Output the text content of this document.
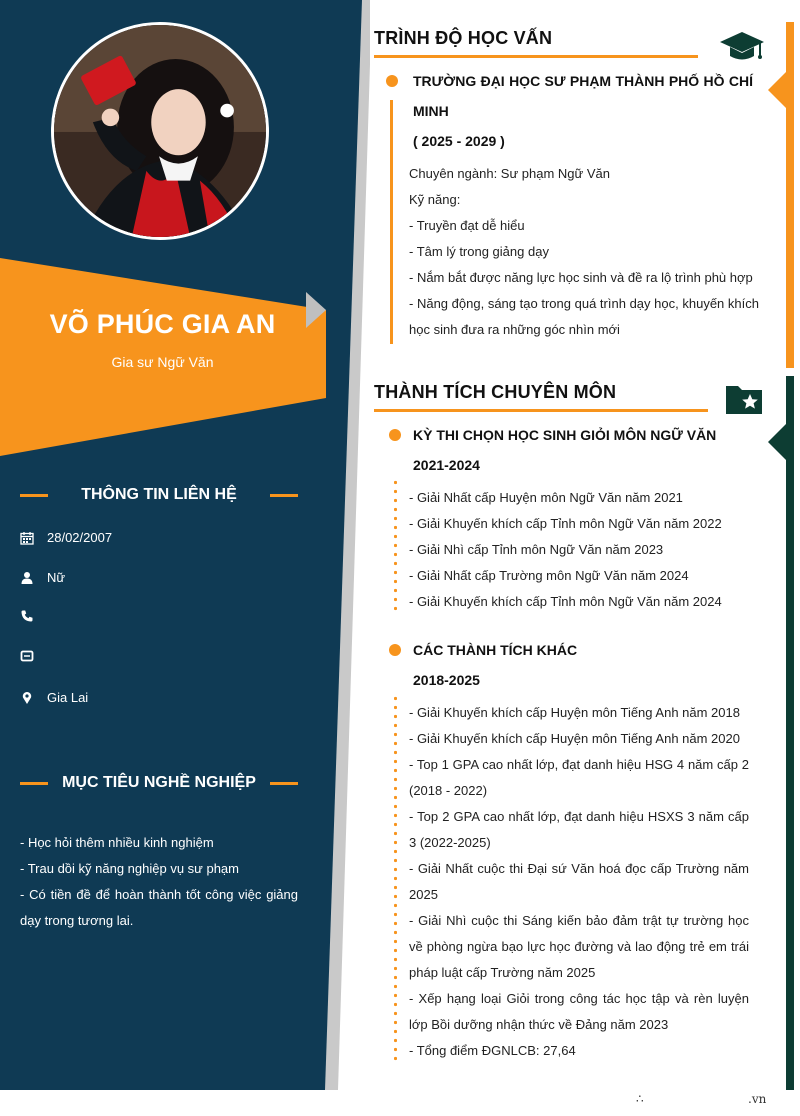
VÕ PHÚC GIA AN
Gia sư Ngữ Văn
THÔNG TIN LIÊN HỆ
28/02/2007
Nữ
Gia Lai
MỤC TIÊU NGHỀ NGHIỆP
- Học hỏi thêm nhiều kinh nghiệm
- Trau dồi kỹ năng nghiệp vụ sư phạm
- Có tiền đề để hoàn thành tốt công việc giảng dạy trong tương lai.
TRÌNH ĐỘ HỌC VẤN
TRƯỜNG ĐẠI HỌC SƯ PHẠM THÀNH PHỐ HỒ CHÍ MINH
( 2025 - 2029 )
Chuyên ngành: Sư phạm Ngữ Văn
Kỹ năng:
- Truyền đạt dễ hiểu
- Tâm lý trong giảng dạy
- Nắm bắt được năng lực học sinh và đề ra lộ trình phù hợp
- Năng động, sáng tạo trong quá trình dạy học, khuyến khích học sinh đưa ra những góc nhìn mới
THÀNH TÍCH CHUYÊN MÔN
KỲ THI CHỌN HỌC SINH GIỎI MÔN NGỮ VĂN
2021-2024
- Giải Nhất cấp Huyện môn Ngữ Văn năm 2021
- Giải Khuyến khích cấp Tỉnh môn Ngữ Văn năm 2022
- Giải Nhì cấp Tỉnh môn Ngữ Văn năm 2023
- Giải Nhất cấp Trường môn Ngữ Văn năm 2024
- Giải Khuyến khích cấp Tỉnh môn Ngữ Văn năm 2024
CÁC THÀNH TÍCH KHÁC
2018-2025
- Giải Khuyến khích cấp Huyện môn Tiếng Anh năm 2018
- Giải Khuyến khích cấp Huyện môn Tiếng Anh năm 2020
- Top 1 GPA cao nhất lớp, đạt danh hiệu HSG 4 năm cấp 2 (2018 - 2022)
- Top 2 GPA cao nhất lớp, đạt danh hiệu HSXS 3 năm cấp 3 (2022-2025)
- Giải Nhất cuộc thi Đại sứ Văn hoá đọc cấp Trường năm 2025
- Giải Nhì cuộc thi Sáng kiến bảo đảm trật tự trường học về phòng ngừa bạo lực học đường và lao động trẻ em trái pháp luật cấp Trường năm 2025
- Xếp hạng loại Giỏi trong công tác học tập và rèn luyện lớp Bồi dưỡng nhận thức về Đảng năm 2023
- Tổng điểm ĐGNLCB: 27,64
∴	.vn
